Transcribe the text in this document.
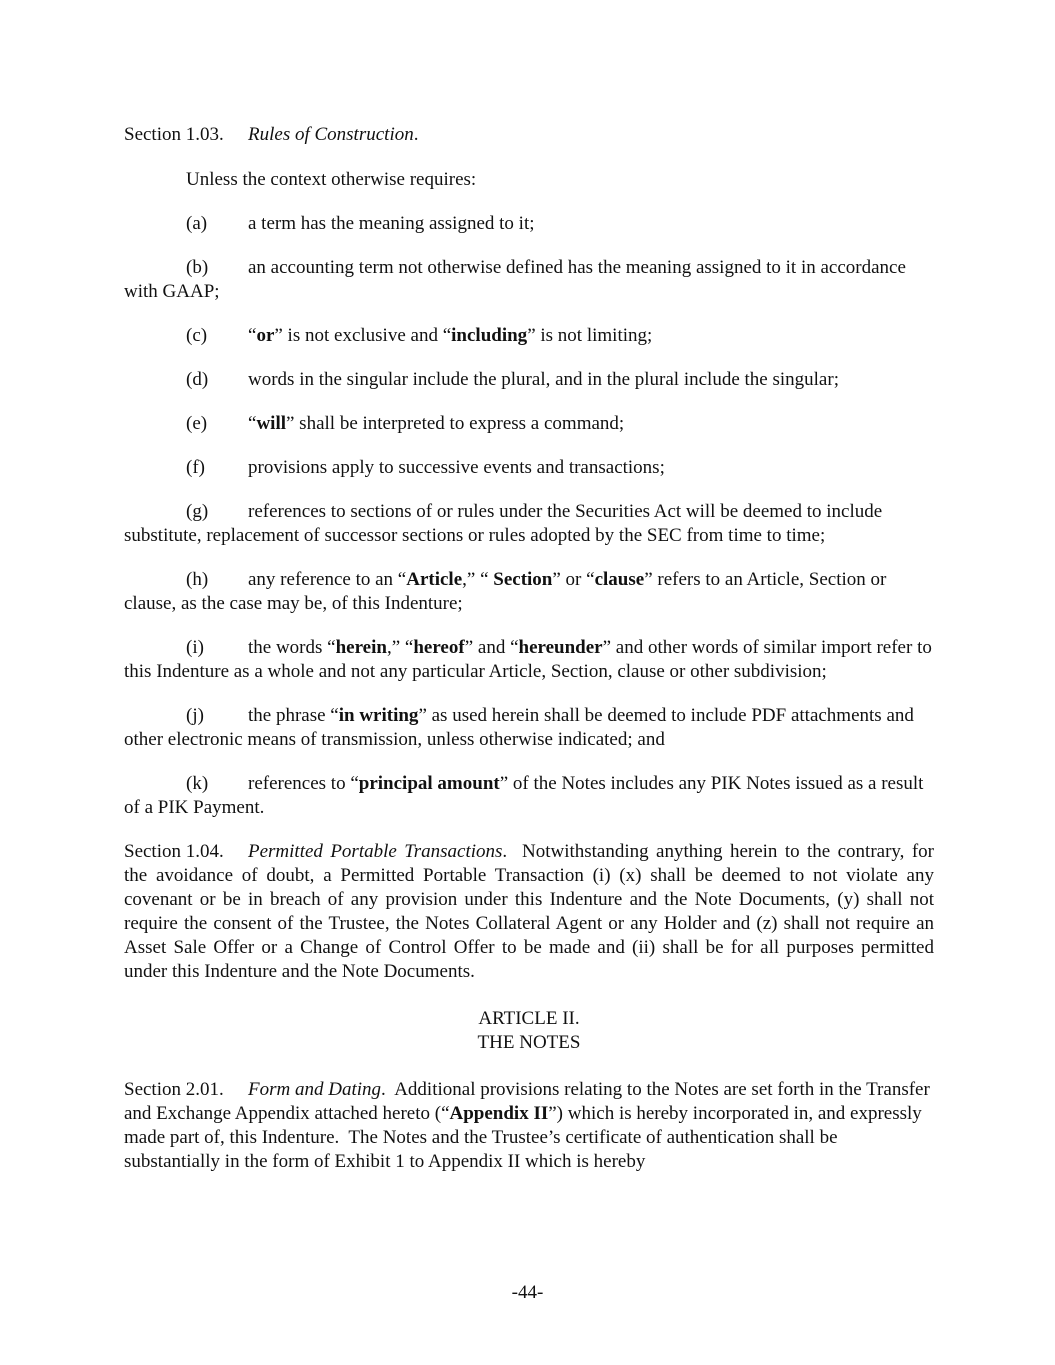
Section 1.03. Rules of Construction.

Unless the context otherwise requires:

(a) a term has the meaning assigned to it;

(b) an accounting term not otherwise defined has the meaning assigned to it in accordance with GAAP;

(c) “or” is not exclusive and “including” is not limiting;

(d) words in the singular include the plural, and in the plural include the singular;

(e) “will” shall be interpreted to express a command;

(f) provisions apply to successive events and transactions;

(g) references to sections of or rules under the Securities Act will be deemed to include substitute, replacement of successor sections or rules adopted by the SEC from time to time;

(h) any reference to an “Article,” “ Section” or “clause” refers to an Article, Section or clause, as the case may be, of this Indenture;

(i) the words “herein,” “hereof” and “hereunder” and other words of similar import refer to this Indenture as a whole and not any particular Article, Section, clause or other subdivision;

(j) the phrase “in writing” as used herein shall be deemed to include PDF attachments and other electronic means of transmission, unless otherwise indicated; and

(k) references to “principal amount” of the Notes includes any PIK Notes issued as a result of a PIK Payment.

Section 1.04. Permitted Portable Transactions.  Notwithstanding anything herein to the contrary, for the avoidance of doubt, a Permitted Portable Transaction (i) (x) shall be deemed to not violate any covenant or be in breach of any provision under this Indenture and the Note Documents, (y) shall not require the consent of the Trustee, the Notes Collateral Agent or any Holder and (z) shall not require an Asset Sale Offer or a Change of Control Offer to be made and (ii) shall be for all purposes permitted under this Indenture and the Note Documents.

ARTICLE II.
THE NOTES

Section 2.01. Form and Dating.  Additional provisions relating to the Notes are set forth in the Transfer and Exchange Appendix attached hereto (“Appendix II”) which is hereby incorporated in, and expressly made part of, this Indenture.  The Notes and the Trustee’s certificate of authentication shall be substantially in the form of Exhibit 1 to Appendix II which is hereby

-44-
